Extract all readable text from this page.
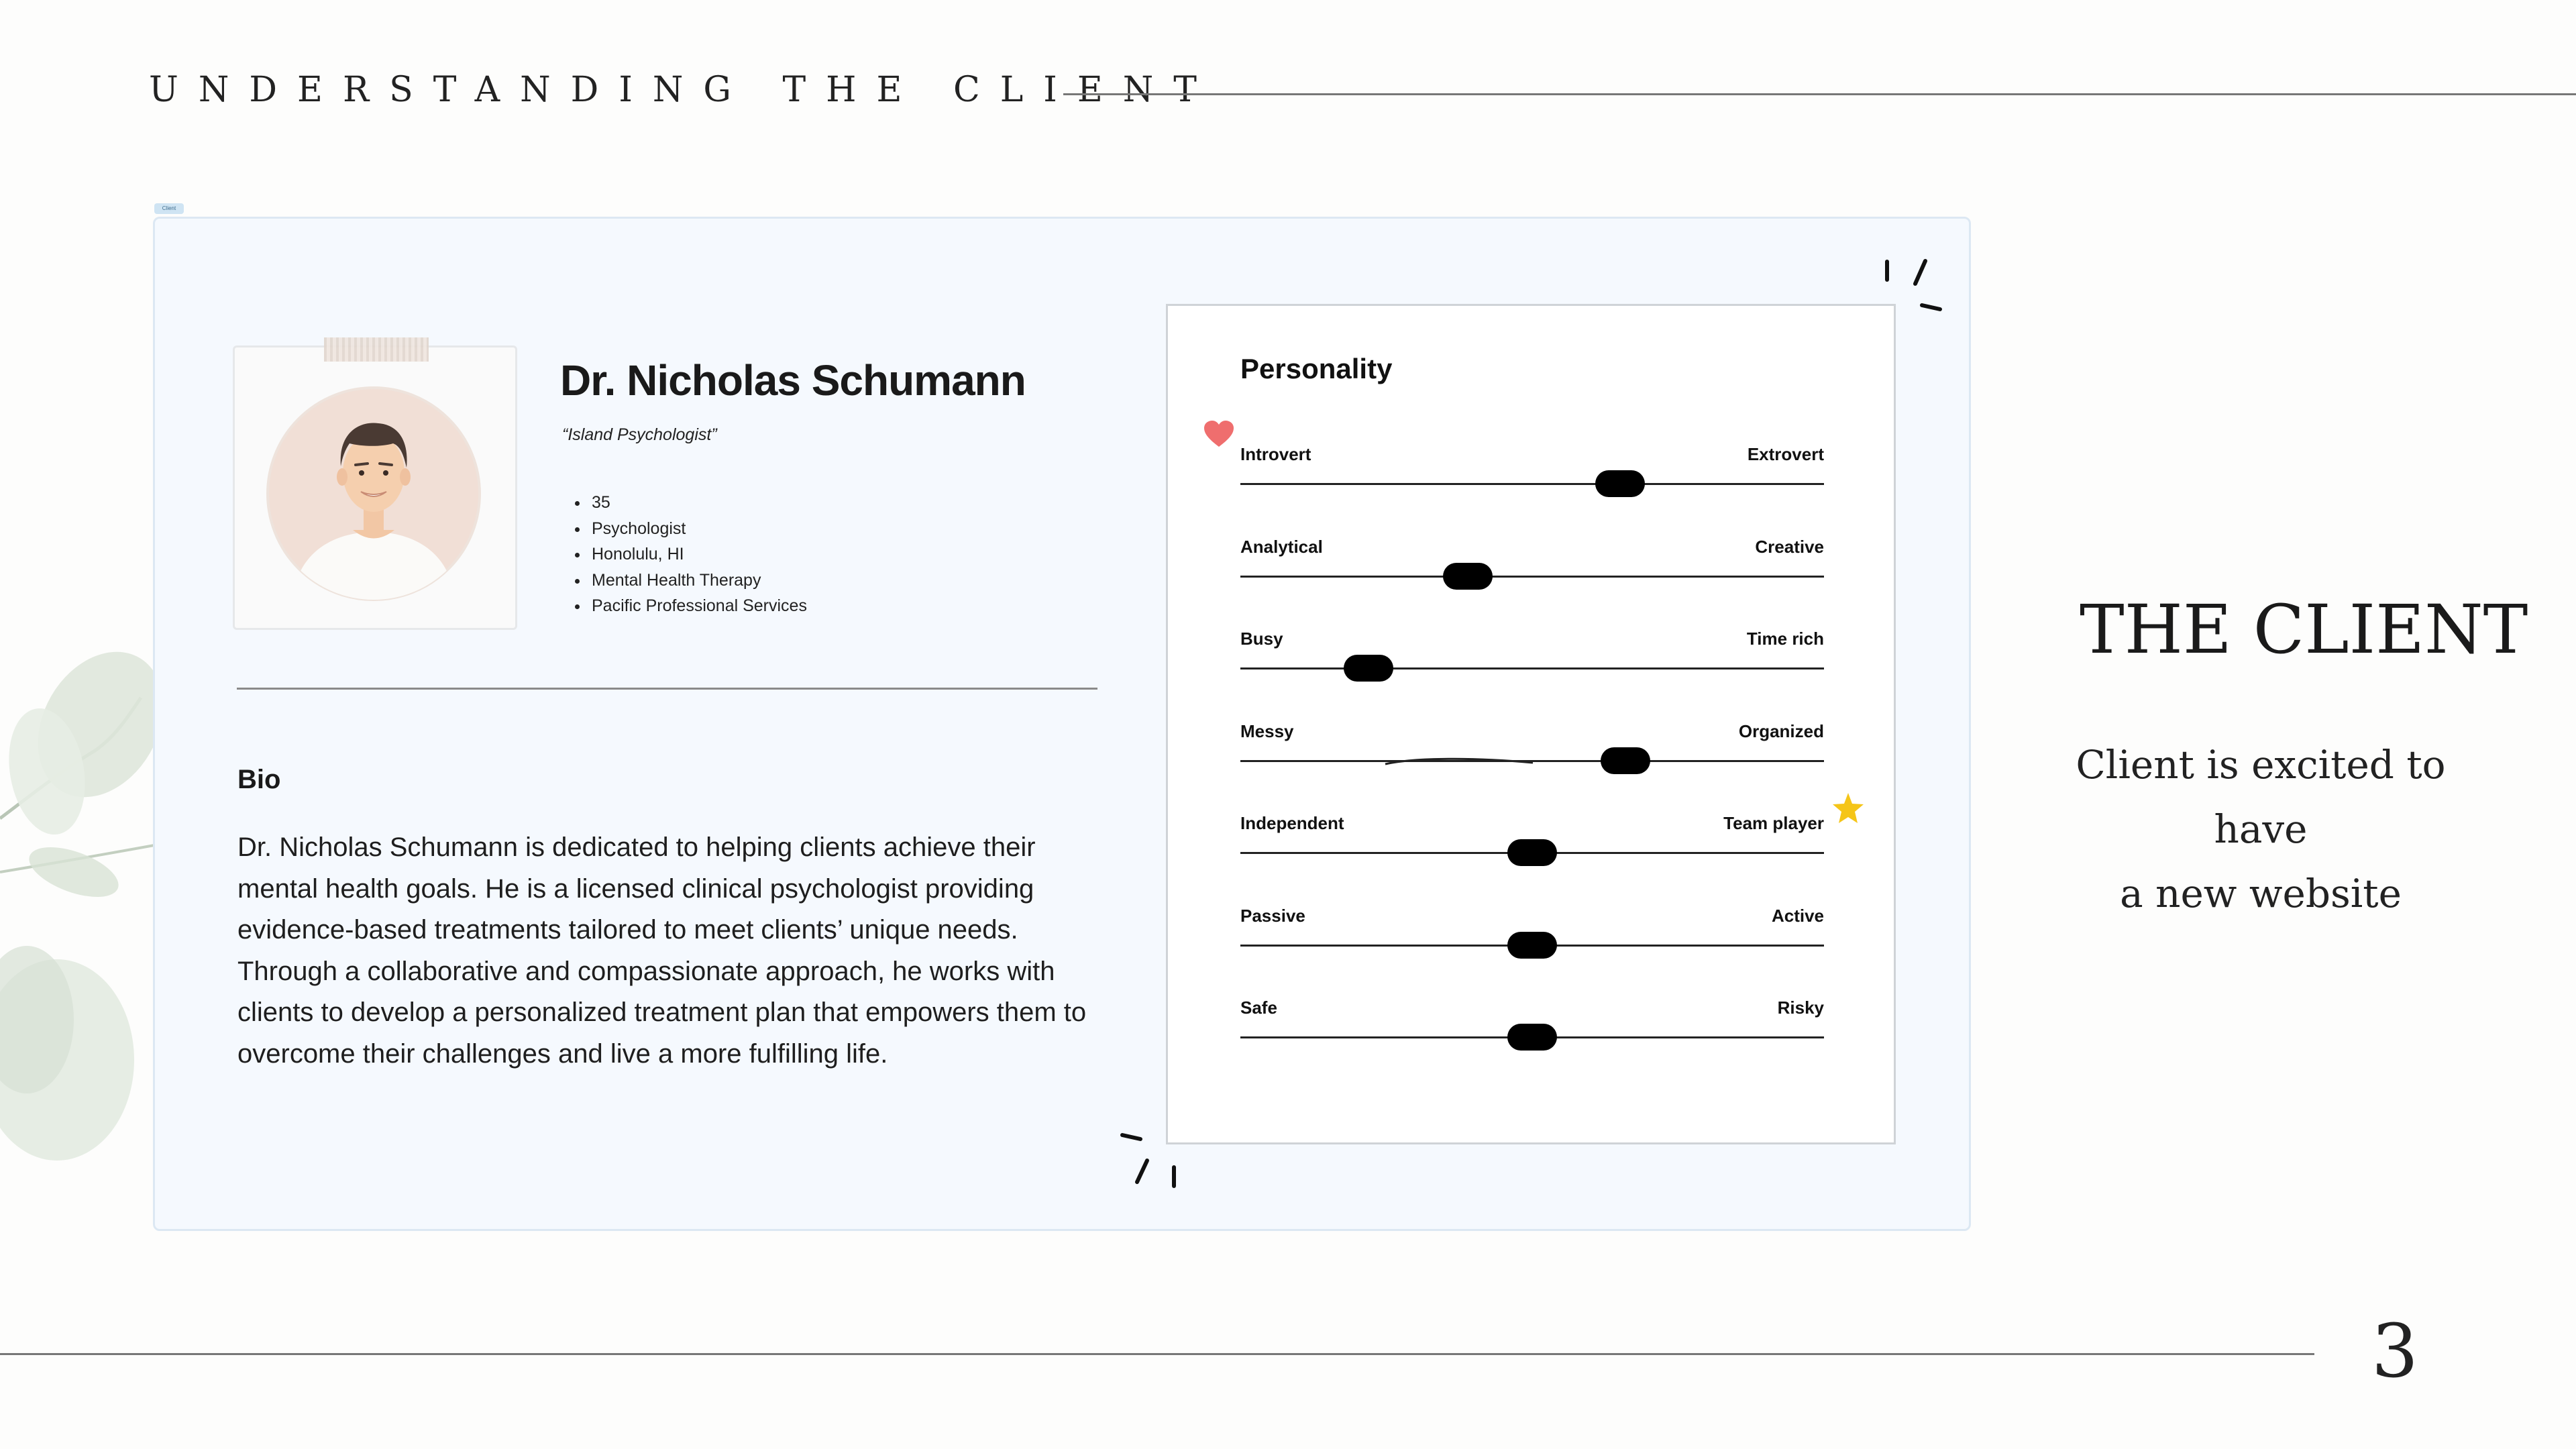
UNDERSTANDING THE CLIENT
Client
Dr. Nicholas Schumann
“Island Psychologist”
• 35
• Psychologist
• Honolulu, HI
• Mental Health Therapy
• Pacific Professional Services
Bio
Dr. Nicholas Schumann is dedicated to helping clients achieve their mental health goals. He is a licensed clinical psychologist providing evidence-based treatments tailored to meet clients’ unique needs. Through a collaborative and compassionate approach, he works with clients to develop a personalized treatment plan that empowers them to overcome their challenges and live a more fulfilling life.
Personality
Introvert	Extrovert
Analytical	Creative
Busy	Time rich
Messy	Organized
Independent	Team player
Passive	Active
Safe	Risky
THE CLIENT
Client is excited to have
a new website
3
